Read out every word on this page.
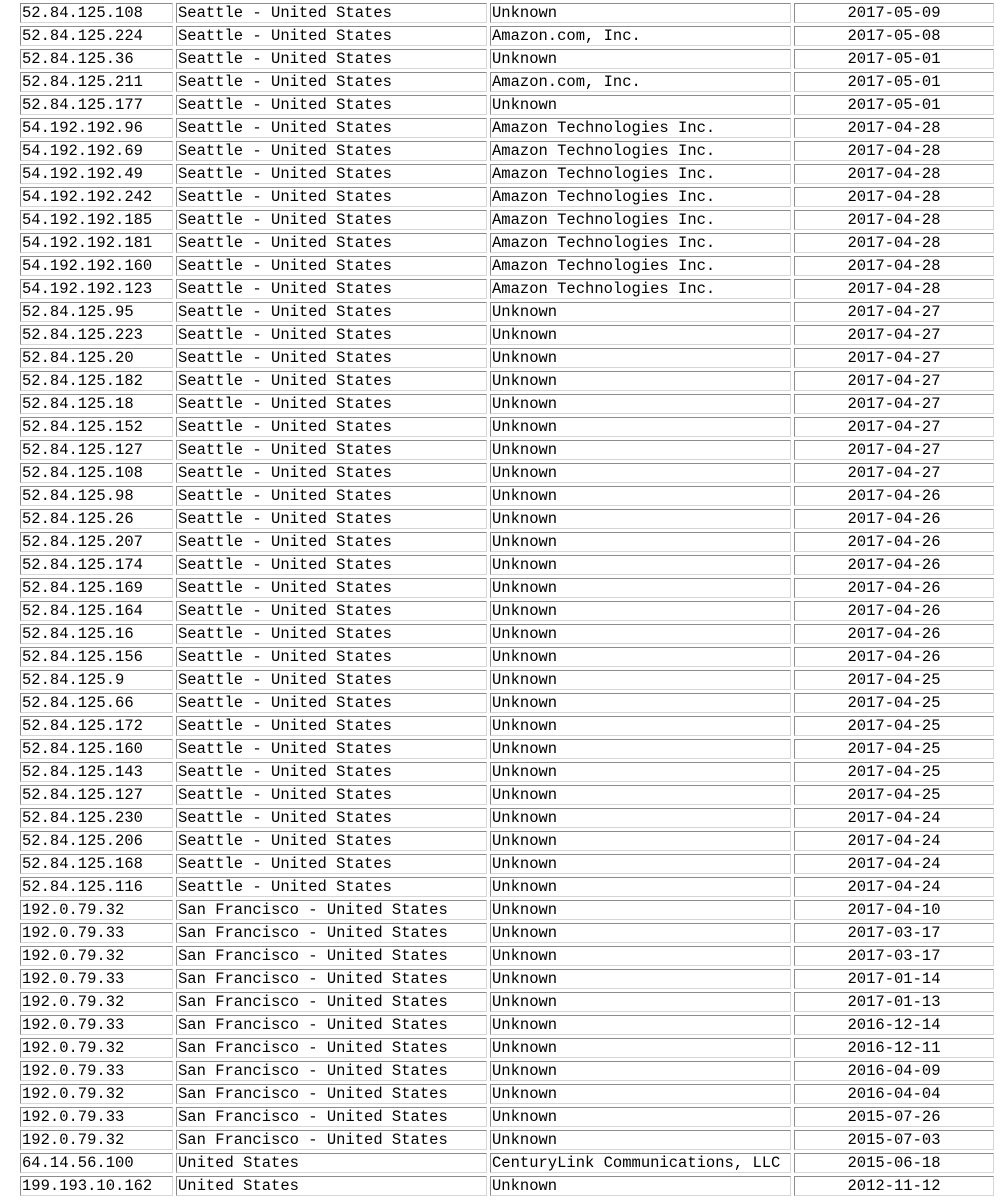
52.84.125.108	Seattle - United States	Unknown	2017-05-09
52.84.125.224	Seattle - United States	Amazon.com, Inc.	2017-05-08
52.84.125.36	Seattle - United States	Unknown	2017-05-01
52.84.125.211	Seattle - United States	Amazon.com, Inc.	2017-05-01
52.84.125.177	Seattle - United States	Unknown	2017-05-01
54.192.192.96	Seattle - United States	Amazon Technologies Inc.	2017-04-28
54.192.192.69	Seattle - United States	Amazon Technologies Inc.	2017-04-28
54.192.192.49	Seattle - United States	Amazon Technologies Inc.	2017-04-28
54.192.192.242	Seattle - United States	Amazon Technologies Inc.	2017-04-28
54.192.192.185	Seattle - United States	Amazon Technologies Inc.	2017-04-28
54.192.192.181	Seattle - United States	Amazon Technologies Inc.	2017-04-28
54.192.192.160	Seattle - United States	Amazon Technologies Inc.	2017-04-28
54.192.192.123	Seattle - United States	Amazon Technologies Inc.	2017-04-28
52.84.125.95	Seattle - United States	Unknown	2017-04-27
52.84.125.223	Seattle - United States	Unknown	2017-04-27
52.84.125.20	Seattle - United States	Unknown	2017-04-27
52.84.125.182	Seattle - United States	Unknown	2017-04-27
52.84.125.18	Seattle - United States	Unknown	2017-04-27
52.84.125.152	Seattle - United States	Unknown	2017-04-27
52.84.125.127	Seattle - United States	Unknown	2017-04-27
52.84.125.108	Seattle - United States	Unknown	2017-04-27
52.84.125.98	Seattle - United States	Unknown	2017-04-26
52.84.125.26	Seattle - United States	Unknown	2017-04-26
52.84.125.207	Seattle - United States	Unknown	2017-04-26
52.84.125.174	Seattle - United States	Unknown	2017-04-26
52.84.125.169	Seattle - United States	Unknown	2017-04-26
52.84.125.164	Seattle - United States	Unknown	2017-04-26
52.84.125.16	Seattle - United States	Unknown	2017-04-26
52.84.125.156	Seattle - United States	Unknown	2017-04-26
52.84.125.9	Seattle - United States	Unknown	2017-04-25
52.84.125.66	Seattle - United States	Unknown	2017-04-25
52.84.125.172	Seattle - United States	Unknown	2017-04-25
52.84.125.160	Seattle - United States	Unknown	2017-04-25
52.84.125.143	Seattle - United States	Unknown	2017-04-25
52.84.125.127	Seattle - United States	Unknown	2017-04-25
52.84.125.230	Seattle - United States	Unknown	2017-04-24
52.84.125.206	Seattle - United States	Unknown	2017-04-24
52.84.125.168	Seattle - United States	Unknown	2017-04-24
52.84.125.116	Seattle - United States	Unknown	2017-04-24
192.0.79.32	San Francisco - United States	Unknown	2017-04-10
192.0.79.33	San Francisco - United States	Unknown	2017-03-17
192.0.79.32	San Francisco - United States	Unknown	2017-03-17
192.0.79.33	San Francisco - United States	Unknown	2017-01-14
192.0.79.32	San Francisco - United States	Unknown	2017-01-13
192.0.79.33	San Francisco - United States	Unknown	2016-12-14
192.0.79.32	San Francisco - United States	Unknown	2016-12-11
192.0.79.33	San Francisco - United States	Unknown	2016-04-09
192.0.79.32	San Francisco - United States	Unknown	2016-04-04
192.0.79.33	San Francisco - United States	Unknown	2015-07-26
192.0.79.32	San Francisco - United States	Unknown	2015-07-03
64.14.56.100	United States	CenturyLink Communications, LLC	2015-06-18
199.193.10.162	United States	Unknown	2012-11-12
